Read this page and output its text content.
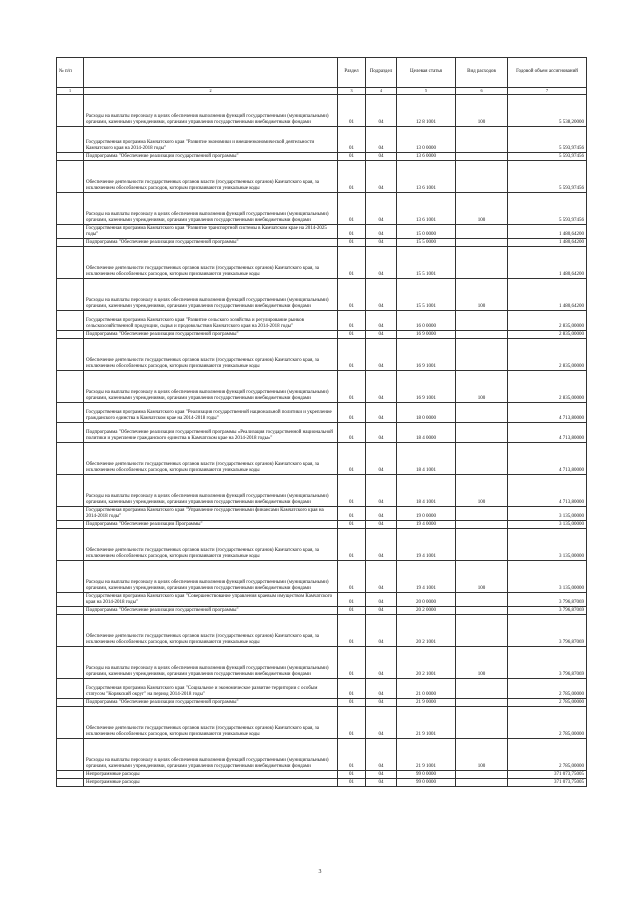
№ п/п		Раздел	Подраздел	Целевая статья	Вид расходов	Годовой объем ассигнований
1	2	3	4	5	6	7
	Расходы на выплаты персоналу в целях обеспечения выполнения функций государственными (муниципальными) органами, казенными учреждениями, органами управления государственными внебюджетными фондами	01	04	12 8 1001	100	5 538,20000
	Государственная программа Камчатского края "Развитие экономики и внешнеэкономической деятельности Камчатского края на 2014-2018 годы"	01	04	13 0 0000		5 593,97456
	Подпрограмма "Обеспечение реализации государственной программы"	01	04	13 6 0000		5 593,97456
	Обеспечение деятельности государственных органов власти (государственных органов) Камчатского края, за исключением обособленных расходов, которым присваиваются уникальные коды	01	04	13 6 1001		5 593,97456
	Расходы на выплаты персоналу в целях обеспечения выполнения функций государственными (муниципальными) органами, казенными учреждениями, органами управления государственными внебюджетными фондами	01	04	13 6 1001	100	5 593,97456
	Государственная программа Камчатского края "Развитие транспортной системы в Камчатском крае на 2014-2025 годы"	01	04	15 0 0000		1 480,64200
	Подпрограмма "Обеспечение реализации государственной программы"	01	04	15 5 0000		1 480,64200
	Обеспечение деятельности государственных органов власти (государственных органов) Камчатского края, за исключением обособленных расходов, которым присваиваются уникальные коды	01	04	15 5 1001		1 480,64200
	Расходы на выплаты персоналу в целях обеспечения выполнения функций государственными (муниципальными) органами, казенными учреждениями, органами управления государственными внебюджетными фондами	01	04	15 5 1001	100	1 480,64200
	Государственная программа Камчатского края "Развитие сельского хозяйства и регулирование рынков сельскохозяйственной продукции, сырья и продовольствия Камчатского края на 2014-2018 годы"	01	04	16 0 0000		2 835,00000
	Подпрограмма "Обеспечение реализации государственной программы"	01	04	16 9 0000		2 835,00000
	Обеспечение деятельности государственных органов власти (государственных органов) Камчатского края, за исключением обособленных расходов, которым присваиваются уникальные коды	01	04	16 9 1001		2 835,00000
	Расходы на выплаты персоналу в целях обеспечения выполнения функций государственными (муниципальными) органами, казенными учреждениями, органами управления государственными внебюджетными фондами	01	04	16 9 1001	100	2 835,00000
	Государственная программа Камчатского края "Реализация государственной национальной политики и укрепление гражданского единства в Камчатском крае на 2014-2018 годы"	01	04	18 0 0000		4 713,80000
	Подпрограмма "Обеспечение реализации государственной программы «Реализация государственной национальной политики и укрепление гражданского единства в Камчатском крае на 2014-2018 годы»"	01	04	18 4 0000		4 713,80000
	Обеспечение деятельности государственных органов власти (государственных органов) Камчатского края, за исключением обособленных расходов, которым присваиваются уникальные коды	01	04	18 4 1001		4 713,80000
	Расходы на выплаты персоналу в целях обеспечения выполнения функций государственными (муниципальными) органами, казенными учреждениями, органами управления государственными внебюджетными фондами	01	04	18 4 1001	100	4 713,80000
	Государственная программа Камчатского края "Управление государственными финансами Камчатского края на 2014-2018 годы"	01	04	19 0 0000		3 135,00000
	Подпрограмма "Обеспечение реализации Программы"	01	04	19 4 0000		3 135,00000
	Обеспечение деятельности государственных органов власти (государственных органов) Камчатского края, за исключением обособленных расходов, которым присваиваются уникальные коды	01	04	19 4 1001		3 135,00000
	Расходы на выплаты персоналу в целях обеспечения выполнения функций государственными (муниципальными) органами, казенными учреждениями, органами управления государственными внебюджетными фондами	01	04	19 4 1001	100	3 135,00000
	Государственная программа Камчатского края "Совершенствование управления краевым имуществом Камчатского края на 2014-2018 годы"	01	04	20 0 0000		3 796,87069
	Подпрограмма "Обеспечение реализации государственной программы"	01	04	20 2 0000		3 796,87069
	Обеспечение деятельности государственных органов власти (государственных органов) Камчатского края, за исключением обособленных расходов, которым присваиваются уникальные коды	01	04	20 2 1001		3 796,87069
	Расходы на выплаты персоналу в целях обеспечения выполнения функций государственными (муниципальными) органами, казенными учреждениями, органами управления государственными внебюджетными фондами	01	04	20 2 1001	100	3 796,87069
	Государственная программа Камчатского края "Социальное и экономическое развитие территории с особым статусом "Корякский округ" на период 2014-2018 годы"	01	04	21 0 0000		2 785,00000
	Подпрограмма "Обеспечение реализации государственной программы"	01	04	21 9 0000		2 785,00000
	Обеспечение деятельности государственных органов власти (государственных органов) Камчатского края, за исключением обособленных расходов, которым присваиваются уникальные коды	01	04	21 9 1001		2 785,00000
	Расходы на выплаты персоналу в целях обеспечения выполнения функций государственными (муниципальными) органами, казенными учреждениями, органами управления государственными внебюджетными фондами	01	04	21 9 1001	100	2 785,00000
	Непрограммные расходы	01	04	99 0 0000		371 073,75005
	Непрограммные расходы	01	04	99 0 0000		371 073,75005
3
